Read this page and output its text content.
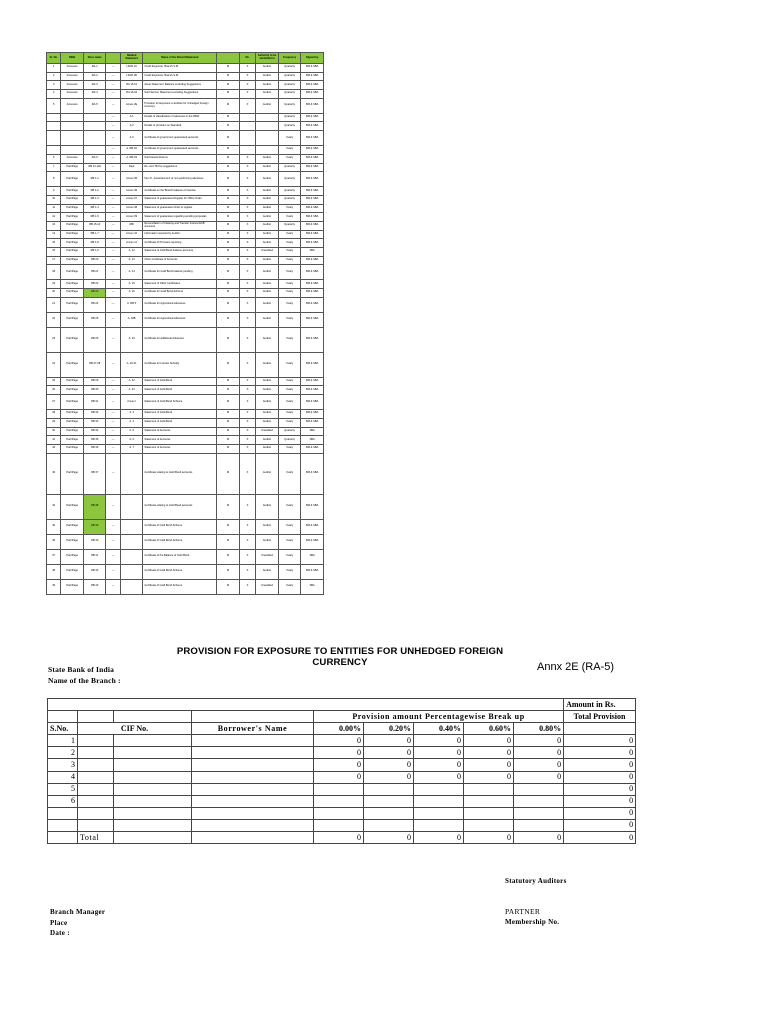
Sr. No.	RBIA	Docs.name		Related Statement	Name of the Return/Statement		No.	Authority to be submitted to	Frequency	Signed by
1	Annexure	RA-1	—	LFAR 1A	Credit Exposure: Branch S.M.	M	X	Auditor	Quarterly	BM & SBA
2	Annexure	RA-2	—	LFAR 1B	Credit Exposure: Branch S.M.	M	X	Auditor	Quarterly	BM & SBA
3	Annexure	RA-3	—	RA 15-01	Asset Statement: Balance excluding Suggestions	M	X	Auditor	Quarterly	BM & SBA
4	Annexure	RA-4	—	RA 15-02	Sold Service Statement excluding Suggestions	M	X	Auditor	Quarterly	BM & SBA
5	Annexure	RA-5	—	Annex 2E	Provision for Exposure to Entities for Unhedged Foreign Currency	M	X	Auditor	Quarterly	BM & SBA
			—	A.1	Details of classification of advances in the RBIA	M			Quarterly	BM & SBA
			—	A.2	Details of provision on Standard	M			Quarterly	BM & SBA
			—	A.3	Certificate of government guaranteed accounts	M			Yearly	BM & SBA
			—	A. RB-02	Certificate of government guaranteed accounts	M			Yearly	BM & SBA
6	Annexure	RA-6	—	A. RB-03	Sold Assets Returns	M	X	Auditor	Yearly	BM & SBA
7	Part/Page	RB 14-140	—	Dept	Re- and 753 for suggestions	M	X	Auditor	Quarterly	BM & SBA
8	Part/Page	RB 1-1	—	Annex 05	Item 8 - Ascertainment of non-performing advances	M	X	Auditor	Quarterly	BM & SBA
9	Part/Page	RB 1-2	—	Annex 06	Certificate on the Branch balance of overdue	M	X	Auditor	Quarterly	BM & SBA
10	Part/Page	RB 1-3	—	Annex 07	Statement of guarantees Register for Office Order	M	X	Auditor	Quarterly	BM & SBA
11	Part/Page	RB 1-4	—	Annex 08	Statement of guarantees Order to register	M	X	Auditor	Yearly	BM & SBA
12	Part/Page	RB 1-5	—	Annex 09	Statement of guarantees regarding pending proposals	M	X	Auditor	Yearly	BM & SBA
13	Part/Page	RB 15-14	—	RBI	Reconciliation of Clearing and Transfer Interest ECB Accounts	M	X	Auditor	Quarterly	BM & SBA
14	Part/Page	RB 1-7	—	Annex 10	Information required by Auditor	M	X	Auditor	Yearly	BM & SBA
15	Part/Page	RB 1-8	—	Annex 11	Certificate of Provision reporting	M	X	Auditor	Yearly	BM & SBA
16	Part/Page	RB 1-9	—	A. 12	Statement of Gold Bond balance accounts	M	X	Unaudited	Yearly	SBA
17	Part/Page	RB 20	—	A. 13	Other Certificate of Accounts	M	X	Auditor	Yearly	BM & SBA
18	Part/Page	RB 21	—	A. 14	Certificate for Gold Bond balance pending	M	X	Auditor	Yearly	BM & SBA
19	Part/Page	RB 22	—	A. 15	Statement of Other Certificates	M	X	Auditor	Yearly	BM & SBA
20	Part/Page	RB 23	—	A. 16	Certificate for Gold Bond Scheme	M	X	Auditor	Yearly	BM & SBA
21	Part/Page	RB 24	—	A. RB 5	Certificate for Agricultural Advances	M	X	Auditor	Yearly	BM & SBA
22	Part/Page	RB 25	—	A. 18B	Certificate for Agricultural Advances	M	X	Auditor	Yearly	BM & SBA
23	Part/Page	RB 26	—	A. 19	Certificate for Additional Advances	M	X	Auditor	Yearly	BM & SBA
24	Part/Page	RB 27-28	—	A. 20-21	Certificate for Interest Subsidy	M	X	Auditor	Yearly	BM & SBA
25	Part/Page	RB 29	—	A. 22	Statement of Gold Bond	M	X	Auditor	Yearly	BM & SBA
26	Part/Page	RB 30	—	A. 23	Statement of Gold Bond	M	X	Auditor	Yearly	BM & SBA
27	Part/Page	RB 31	—	Annex I	Statement of Gold Bond Scheme	M	X	Auditor	Yearly	BM & SBA
28	Part/Page	RB 32	—	A. 3	Statement of Gold Bond	M	X	Auditor	Yearly	BM & SBA
29	Part/Page	RB 33	—	A. 4	Statement of Gold Bond	M	X	Auditor	Yearly	BM & SBA
30	Part/Page	RB 34	—	A. 5	Statement of Accounts	M	X	Unaudited	Quarterly	SBA
31	Part/Page	RB 35	—	A. 6	Statement of Accounts	M	X	Auditor	Quarterly	SBA
32	Part/Page	RB 36	—	A. 7	Statement of Accounts	M	X	Auditor	Yearly	BM & SBA
33	Part/Page	RB 37	—		Certificate relating to Gold Bond accounts	M	X	Auditor	Yearly	BM & SBA
34	Part/Page	RB 38	—		Certificate relating to Gold Bond accounts	M	X	Auditor	Yearly	BM & SBA
35	Part/Page	RB 39	—		Certificate of Gold Bond Scheme	M	X	Auditor	Yearly	BM & SBA
36	Part/Page	RB 40	—		Certificate of Gold Bond Scheme	M	X	Auditor	Yearly	BM & SBA
37	Part/Page	RB 41	—		Certificate of the Balance of Gold Bond	M	X	Unaudited	Yearly	SBA
38	Part/Page	RB 42	—		Certificate of Gold Bond Scheme	M	X	Auditor	Yearly	BM & SBA
39	Part/Page	RB 43	—		Certificate of Gold Bond Scheme	M	X	Unaudited	Yearly	SBA
PROVISION FOR EXPOSURE TO ENTITIES FOR UNHEDGED FOREIGN CURRENCY	Annx 2E (RA-5)
State Bank of India
Name of the Branch :
									Amount in Rs.
				Provision amount Percentagewise Break up					Total Provision
S.No.	CIF No.		Borrower's Name	0.00%	0.20%	0.40%	0.60%	0.80%	
1				0	0	0	0	0	0
2				0	0	0	0	0	0
3				0	0	0	0	0	0
4				0	0	0	0	0	0
5									0
6									0
									0
									0
	Total			0	0	0	0	0	0
Statutory Auditors
Branch Manager
Place
Date :
PARTNER
Membership No.
